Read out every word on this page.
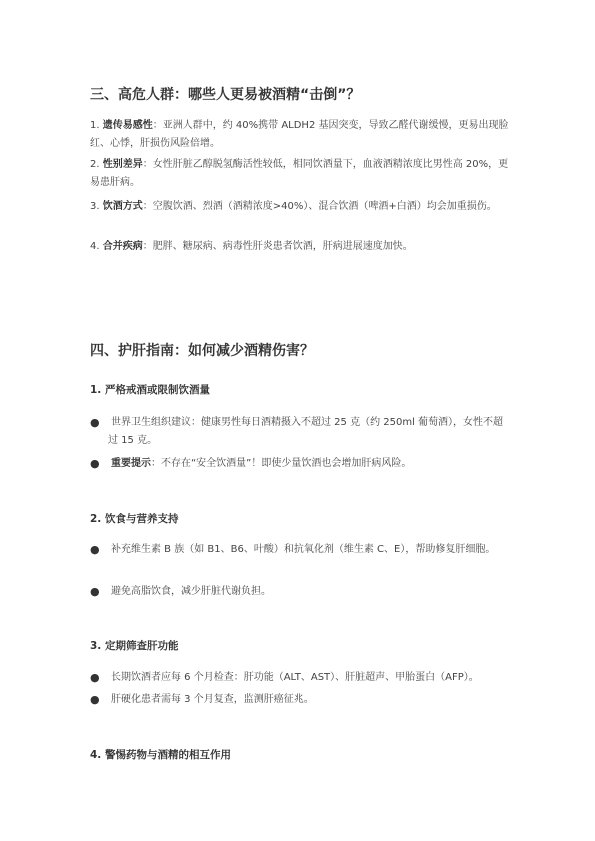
三、高危人群：哪些人更易被酒精“击倒”？
1. 遗传易感性：亚洲人群中，约 40%携带 ALDH2 基因突变，导致乙醛代谢缓慢，更易出现脸红、心悸，肝损伤风险倍增。
2. 性别差异：女性肝脏乙醇脱氢酶活性较低，相同饮酒量下，血液酒精浓度比男性高 20%，更易患肝病。
3. 饮酒方式：空腹饮酒、烈酒（酒精浓度>40%）、混合饮酒（啤酒+白酒）均会加重损伤。
4. 合并疾病：肥胖、糖尿病、病毒性肝炎患者饮酒，肝病进展速度加快。
四、护肝指南：如何减少酒精伤害？
1. 严格戒酒或限制饮酒量
●	世界卫生组织建议：健康男性每日酒精摄入不超过 25 克（约 250ml 葡萄酒），女性不超过 15 克。
●	重要提示：不存在“安全饮酒量”！即使少量饮酒也会增加肝病风险。
2. 饮食与营养支持
●	补充维生素 B 族（如 B1、B6、叶酸）和抗氧化剂（维生素 C、E），帮助修复肝细胞。
●	避免高脂饮食，减少肝脏代谢负担。
3. 定期筛查肝功能
●	长期饮酒者应每 6 个月检查：肝功能（ALT、AST）、肝脏超声、甲胎蛋白（AFP）。
●	肝硬化患者需每 3 个月复查，监测肝癌征兆。
4. 警惕药物与酒精的相互作用
